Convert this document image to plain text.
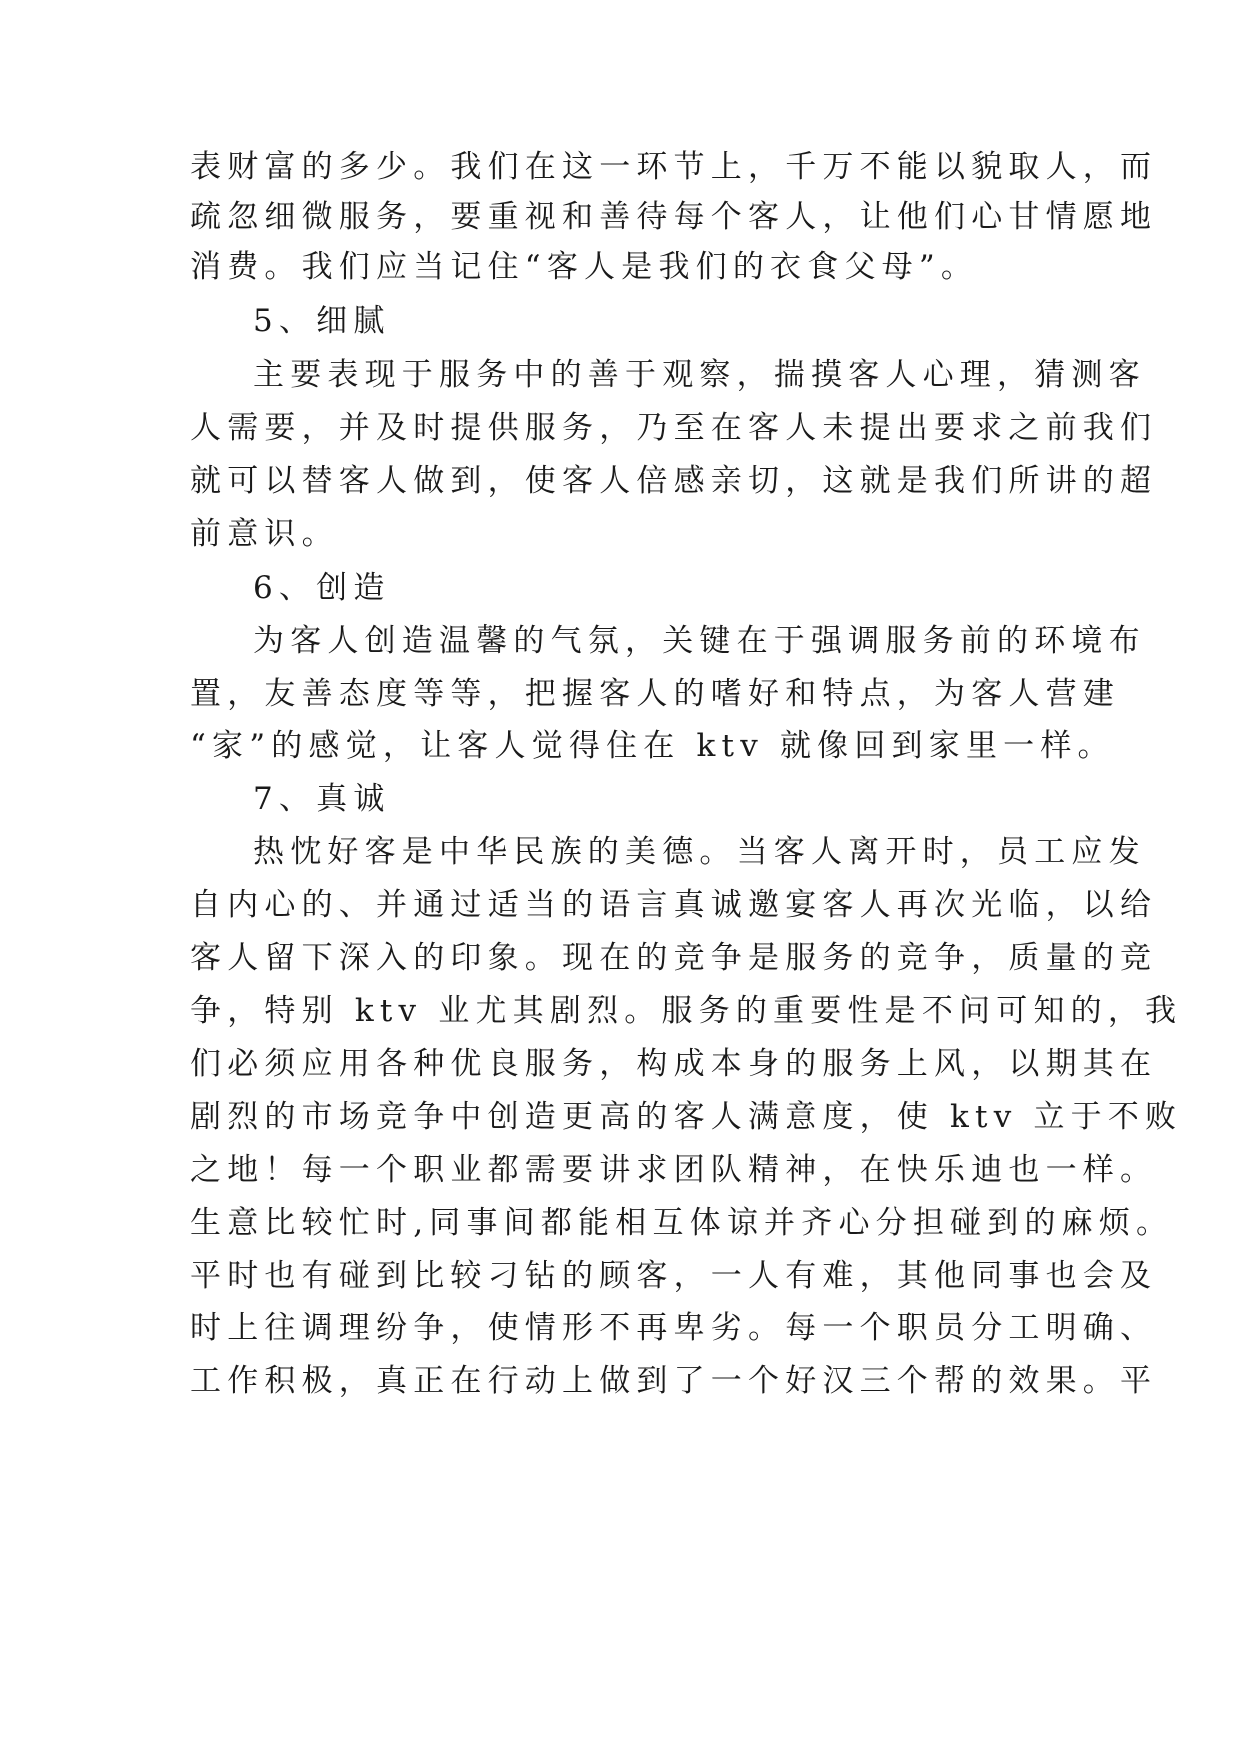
表财富的多少。我们在这一环节上，千万不能以貌取人，而
疏忽细微服务，要重视和善待每个客人，让他们心甘情愿地
消费。我们应当记住“客人是我们的衣食父母”。
5、细腻
主要表现于服务中的善于观察，揣摸客人心理，猜测客
人需要，并及时提供服务，乃至在客人未提出要求之前我们
就可以替客人做到，使客人倍感亲切，这就是我们所讲的超
前意识。
6、创造
为客人创造温馨的气氛，关键在于强调服务前的环境布
置，友善态度等等，把握客人的嗜好和特点，为客人营建
“家”的感觉，让客人觉得住在 ktv 就像回到家里一样。
7、真诚
热忱好客是中华民族的美德。当客人离开时，员工应发
自内心的、并通过适当的语言真诚邀宴客人再次光临，以给
客人留下深入的印象。现在的竞争是服务的竞争，质量的竞
争，特别 ktv 业尤其剧烈。服务的重要性是不问可知的，我
们必须应用各种优良服务，构成本身的服务上风，以期其在
剧烈的市场竞争中创造更高的客人满意度，使 ktv 立于不败
之地！每一个职业都需要讲求团队精神，在快乐迪也一样。
生意比较忙时,同事间都能相互体谅并齐心分担碰到的麻烦。
平时也有碰到比较刁钻的顾客，一人有难，其他同事也会及
时上往调理纷争，使情形不再卑劣。每一个职员分工明确、
工作积极，真正在行动上做到了一个好汉三个帮的效果。平
